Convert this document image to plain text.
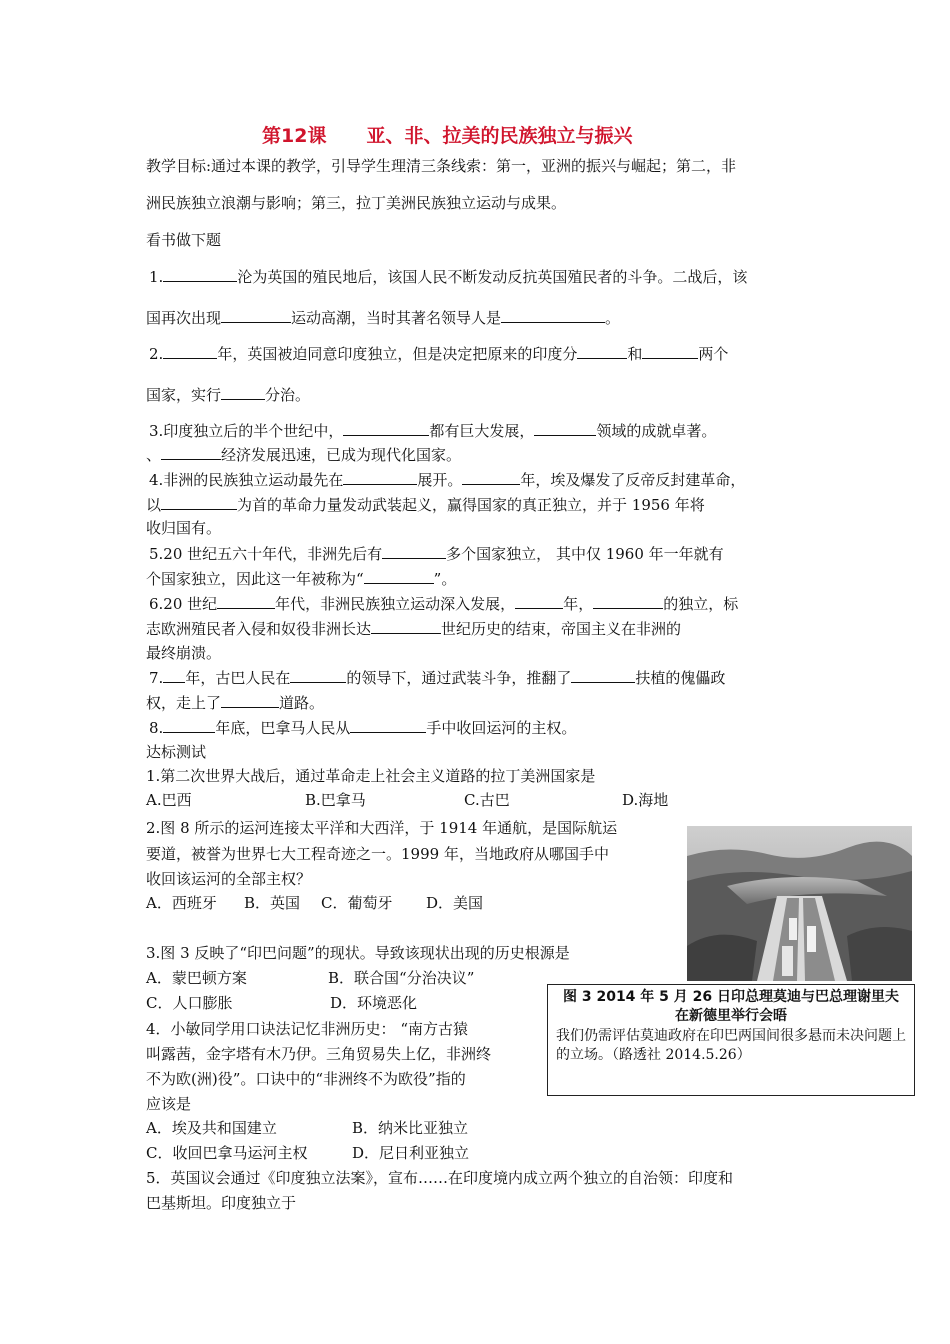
第12课 亚、非、拉美的民族独立与振兴
教学目标:通过本课的教学，引导学生理清三条线索：第一，亚洲的振兴与崛起；第二，非
洲民族独立浪潮与影响；第三，拉丁美洲民族独立运动与成果。
看书做下题
1.	沦为英国的殖民地后，该国人民不断发动反抗英国殖民者的斗争。二战后，该
国再次出现	运动高潮，当时其著名领导人是	。
2.	年，英国被迫同意印度独立，但是决定把原来的印度分	和	两个
国家，实行	分治。
3.印度独立后的半个世纪中，	都有巨大发展，	领域的成就卓著。
、	经济发展迅速，已成为现代化国家。
4.非洲的民族独立运动最先在	展开。	年，埃及爆发了反帝反封建革命，
以	为首的革命力量发动武装起义，赢得国家的真正独立，并于 1956 年将
收归国有。
5.20 世纪五六十年代，非洲先后有	多个国家独立， 其中仅 1960 年一年就有
个国家独立，因此这一年被称为“	”。
6.20 世纪	年代，非洲民族独立运动深入发展，	年，	的独立，标
志欧洲殖民者入侵和奴役非洲长达	世纪历史的结束，帝国主义在非洲的
最终崩溃。
7. 年，古巴人民在	的领导下，通过武装斗争，推翻了	扶植的傀儡政
权，走上了	道路。
8.	年底，巴拿马人民从	手中收回运河的主权。
达标测试
1.第二次世界大战后，通过革命走上社会主义道路的拉丁美洲国家是
A.巴西	B.巴拿马	C.古巴	D.海地
2.图 8 所示的运河连接太平洋和大西洋，于 1914 年通航，是国际航运
要道，被誉为世界七大工程奇迹之一。1999 年，当地政府从哪国手中
收回该运河的全部主权？
A．西班牙 B．英国 C．葡萄牙 D．美国
3.图 3 反映了“印巴问题”的现状。导致该现状出现的历史根源是
A．蒙巴顿方案	B．联合国“分治决议”
C．人口膨胀	D．环境恶化
4．小敏同学用口诀法记忆非洲历史： “南方古猿
叫露茜，金字塔有木乃伊。三角贸易失上亿，非洲终
不为欧(洲)役”。口诀中的“非洲终不为欧役”指的
应该是
A．埃及共和国建立	B．纳米比亚独立
C．收回巴拿马运河主权	D．尼日利亚独立
5．英国议会通过《印度独立法案》，宣布……在印度境内成立两个独立的自治领：印度和
巴基斯坦。印度独立于
图 3 2014 年 5 月 26 日印总理莫迪与巴总理谢里夫在新德里举行会晤
我们仍需评估莫迪政府在印巴两国间很多悬而未决问题上的立场。（路透社 2014.5.26）
